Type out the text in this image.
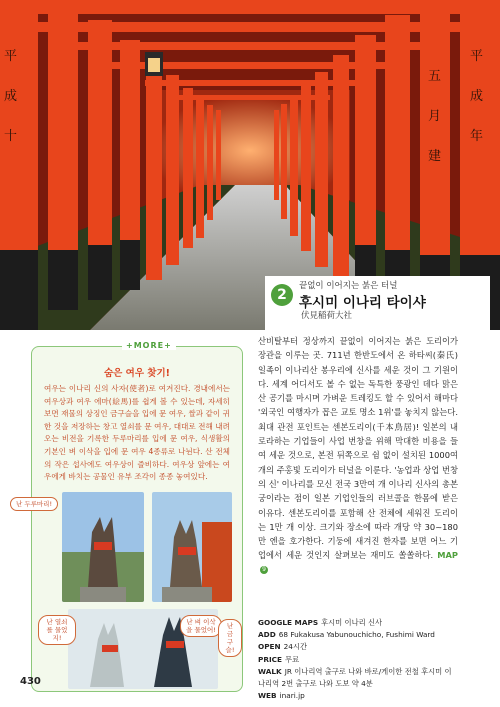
平
成
十
平
成
年
五
月
建
2
끝없이 이어지는 붉은 터널
후시미 이나리 타이샤
伏見稲荷大社
산비탈부터 정상까지 끝없이 이어지는 붉은 도리이가 장관을 이루는 곳. 711년 한반도에서 온 하타씨(秦氏) 일족이 이나리산 봉우리에 신사를 세운 것이 그 기원이다. 세계 어디서도 볼 수 없는 독특한 풍광인 데다 맑은 산 공기를 마시며 가벼운 트레킹도 할 수 있어서 해마다 '외국인 여행자가 꼽은 교토 명소 1위'를 놓치지 않는다. 최대 관전 포인트는 센본도리이(千本鳥居)! 일본의 내로라하는 기업들이 사업 번창을 위해 막대한 비용을 들여 세운 것으로, 본전 뒤쪽으로 쉼 없이 설치된 1000여 개의 주홍빛 도리이가 터널을 이룬다. '농업과 상업 번창의 신' 이나리를 모신 전국 3만여 개 이나리 신사의 총본궁이라는 점이 일본 기업인들의 러브콜을 한몸에 받은 이유다. 센본도리이를 포함해 산 전체에 세워진 도리이는 1만 개 이상. 크기와 장소에 따라 개당 약 30~180만 엔을 호가한다. 기둥에 새겨진 한자를 보면 어느 기업에서 세운 것인지 살펴보는 재미도 쏠쏠하다. MAP9
GOOGLE MAPS 후시미 이나리 신사
ADD 68 Fukakusa Yabunouchicho, Fushimi Ward
OPEN 24시간
PRICE 무료
WALK JR 이나리역 출구로 나와 바로/게이한 전철 후시미 이나리역 2번 출구로 나와 도보 약 4분
WEB inari.jp
+MORE+
숨은 여우 찾기!
여우는 이나리 신의 사자(使者)로 여겨진다. 경내에서는 여우상과 여우 에마(絵馬)를 쉽게 볼 수 있는데, 자세히 보면 재물의 상징인 금구슬을 입에 문 여우, 쌀과 같이 귀한 것을 저장하는 창고 열쇠를 문 여우, 대대로 전해 내려오는 비전을 기록한 두루마리를 입에 문 여우, 식생활의 기본인 벼 이삭을 입에 문 여우 4종류로 나뉜다. 산 전체의 작은 섭사에도 여우상이 즐비하다. 여우상 앞에는 여우에게 바치는 공물인 유부 조각이 종종 놓여있다.
난 두루마리!
난 열쇠를 물었지!
난 벼 이삭을 물었어!	난 금구슬!
430
